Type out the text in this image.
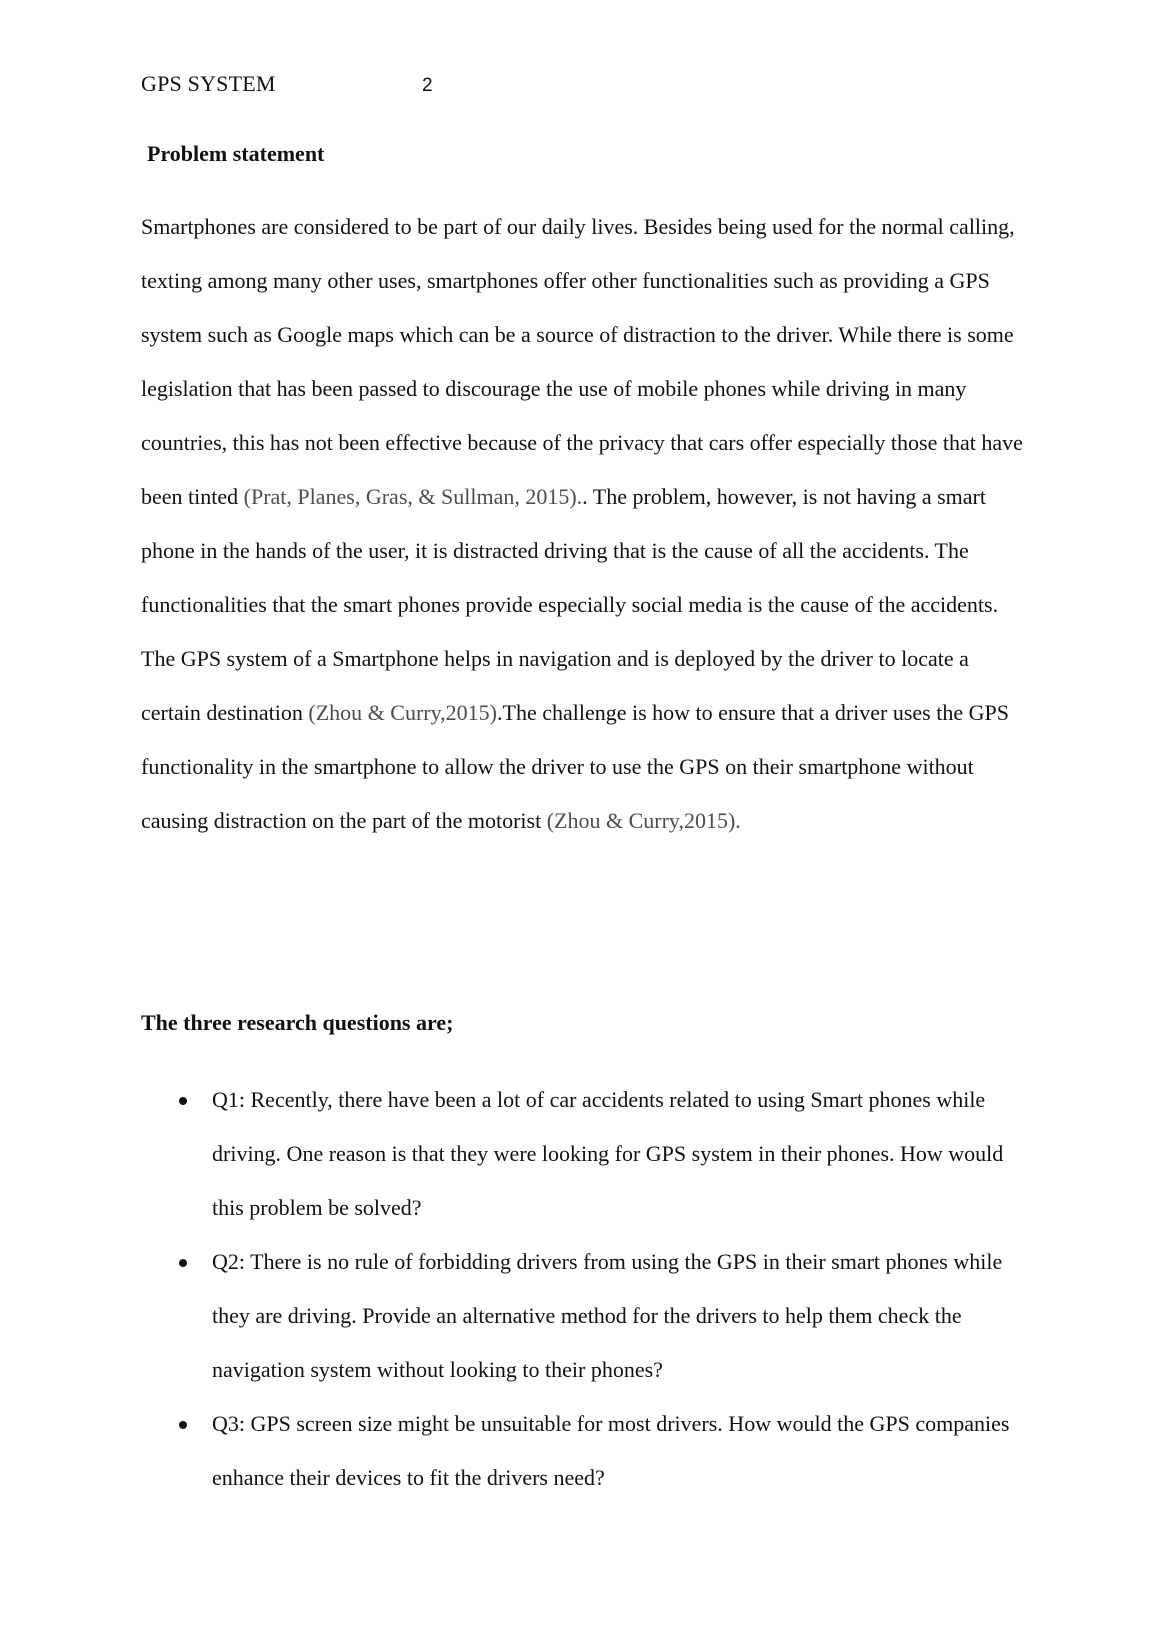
GPS SYSTEM	2
Problem statement

Smartphones are considered to be part of our daily lives. Besides being used for the normal calling, texting among many other uses, smartphones offer other functionalities such as providing a GPS system such as Google maps which can be a source of distraction to the driver. While there is some legislation that has been passed to discourage the use of mobile phones while driving in many countries, this has not been effective because of the privacy that cars offer especially those that have been tinted (Prat, Planes, Gras, & Sullman, 2015).. The problem, however, is not having a smart phone in the hands of the user, it is distracted driving that is the cause of all the accidents. The functionalities that the smart phones provide especially social media is the cause of the accidents. The GPS system of a Smartphone helps in navigation and is deployed by the driver to locate a certain destination (Zhou & Curry,2015).The challenge is how to ensure that a driver uses the GPS functionality in the smartphone to allow the driver to use the GPS on their smartphone without causing distraction on the part of the motorist (Zhou & Curry,2015).

The three research questions are;
Q1: Recently, there have been a lot of car accidents related to using Smart phones while driving. One reason is that they were looking for GPS system in their phones. How would this problem be solved?
Q2: There is no rule of forbidding drivers from using the GPS in their smart phones while they are driving. Provide an alternative method for the drivers to help them check the navigation system without looking to their phones?
Q3: GPS screen size might be unsuitable for most drivers. How would the GPS companies enhance their devices to fit the drivers need?
